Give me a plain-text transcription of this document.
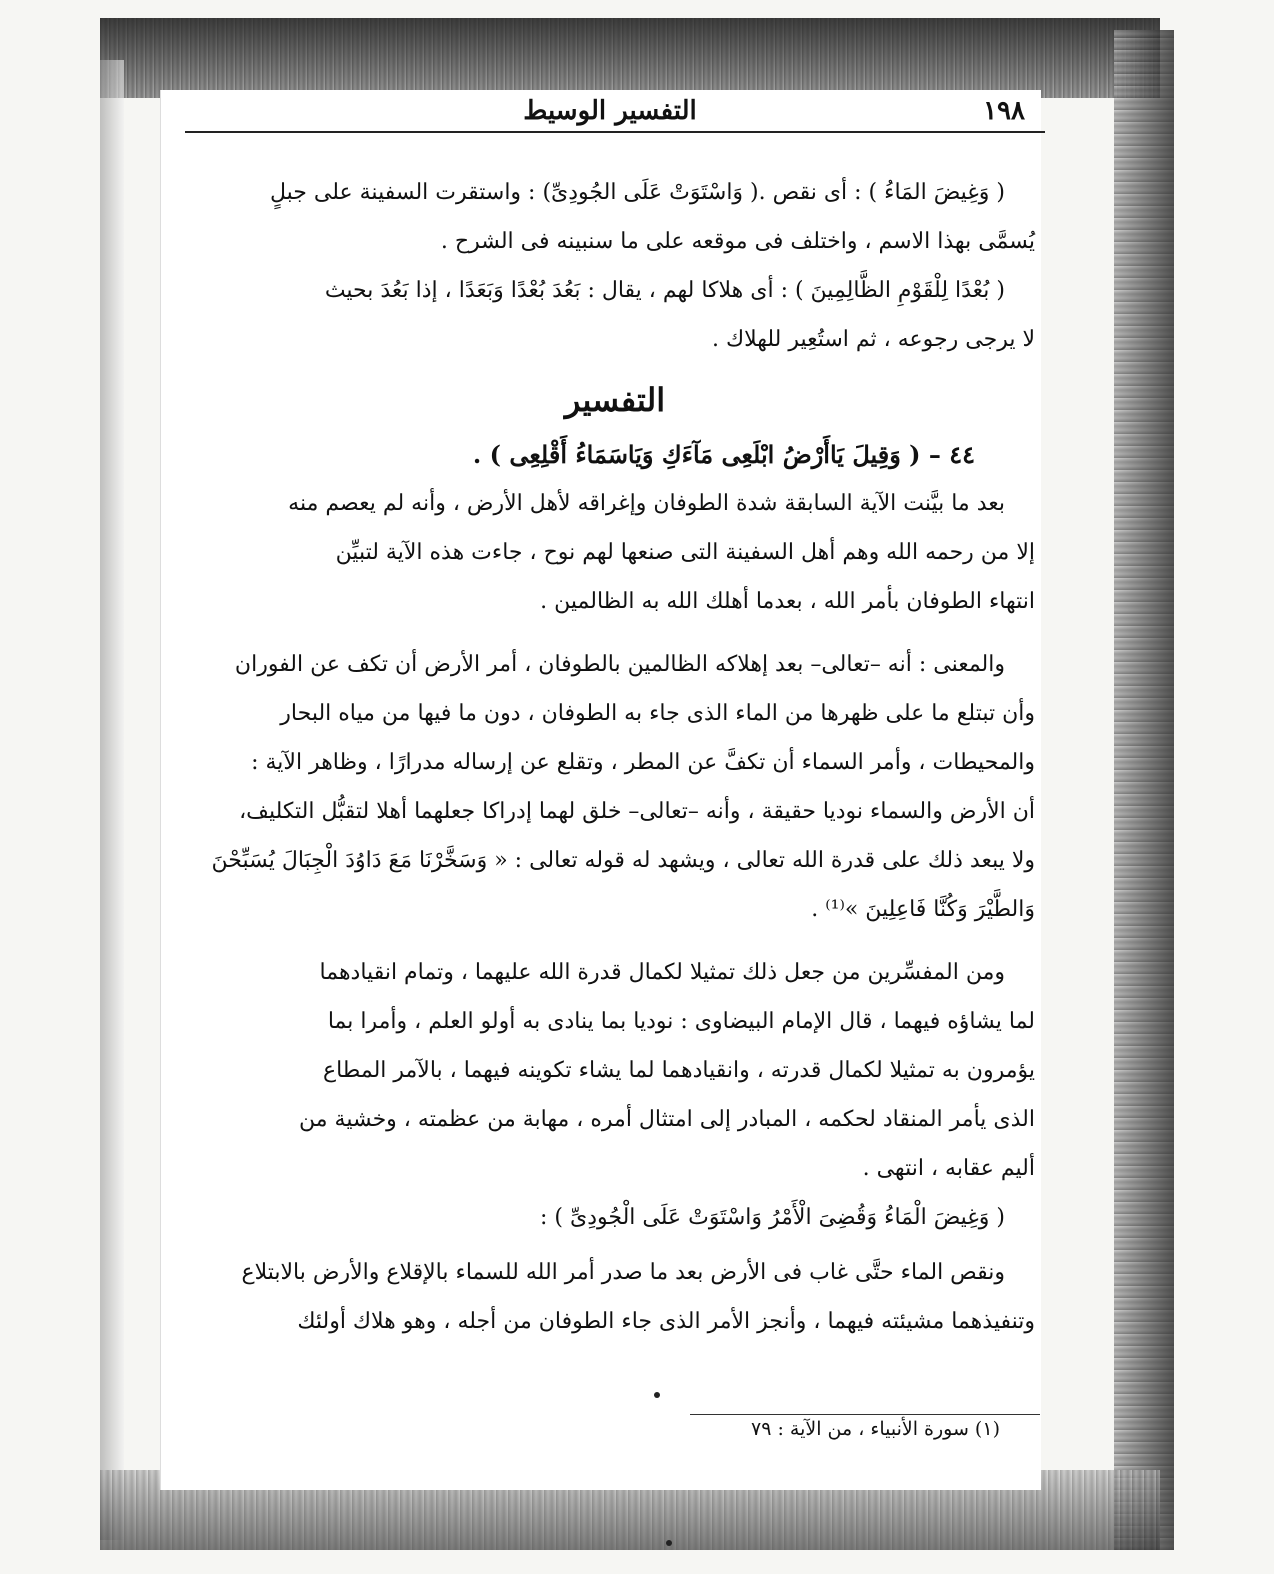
١٩٨
التفسير الوسيط

( وَغِيضَ المَاءُ ) : أى نقص .( وَاسْتَوَتْ عَلَى الجُودِىِّ) : واستقرت السفينة على جبلٍ

يُسمَّى بهذا الاسم ، واختلف فى موقعه على ما سنبينه فى الشرح .

( بُعْدًا لِلْقَوْمِ الظَّالِمِينَ ) : أى هلاكا لهم ، يقال : بَعُدَ بُعْدًا وَبَعَدًا ، إذا بَعُدَ بحيث

لا يرجى رجوعه ، ثم استُعِير للهلاك .

التفسير

٤٤ – ( وَقِيلَ يَاأَرْضُ ابْلَعِى مَآءَكِ وَيَاسَمَاءُ أَقْلِعِى ) .

بعد ما بيَّنت الآية السابقة شدة الطوفان وإغراقه لأهل الأرض ، وأنه لم يعصم منه

إلا من رحمه الله وهم أهل السفينة التى صنعها لهم نوح ، جاءت هذه الآية لتبيِّن

انتهاء الطوفان بأمر الله ، بعدما أهلك الله به الظالمين .

والمعنى : أنه –تعالى– بعد إهلاكه الظالمين بالطوفان ، أمر الأرض أن تكف عن الفوران

وأن تبتلع ما على ظهرها من الماء الذى جاء به الطوفان ، دون ما فيها من مياه البحار

والمحيطات ، وأمر السماء أن تكفَّ عن المطر ، وتقلع عن إرساله مدرارًا ، وظاهر الآية :

أن الأرض والسماء نوديا حقيقة ، وأنه –تعالى– خلق لهما إدراكا جعلهما أهلا لتقبُّل التكليف،

ولا يبعد ذلك على قدرة الله تعالى ، ويشهد له قوله تعالى : « وَسَخَّرْنَا مَعَ دَاوُدَ الْجِبَالَ يُسَبِّحْنَ

وَالطَّيْرَ وَكُنَّا فَاعِلِينَ »⁽¹⁾ .

ومن المفسِّرين من جعل ذلك تمثيلا لكمال قدرة الله عليهما ، وتمام انقيادهما

لما يشاؤه فيهما ، قال الإمام البيضاوى : نوديا بما ينادى به أولو العلم ، وأمرا بما

يؤمرون به تمثيلا لكمال قدرته ، وانقيادهما لما يشاء تكوينه فيهما ، بالآمر المطاع

الذى يأمر المنقاد لحكمه ، المبادر إلى امتثال أمره ، مهابة من عظمته ، وخشية من

أليم عقابه ، انتهى .

( وَغِيضَ الْمَاءُ وَقُضِىَ الْأَمْرُ وَاسْتَوَتْ عَلَى الْجُودِىِّ ) :

ونقص الماء حتَّى غاب فى الأرض بعد ما صدر أمر الله للسماء بالإقلاع والأرض بالابتلاع

وتنفيذهما مشيئته فيهما ، وأنجز الأمر الذى جاء الطوفان من أجله ، وهو هلاك أولئك

(١) سورة الأنبياء ، من الآية : ٧٩
